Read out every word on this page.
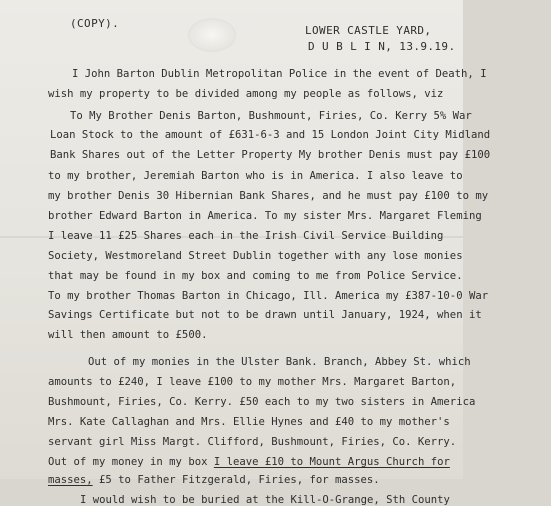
(COPY).
LOWER CASTLE YARD,
D U B L I N, 13.9.19.
I John Barton Dublin Metropolitan Police in the event of Death, I
wish my property to be divided among my people as follows, viz
To My Brother Denis Barton, Bushmount, Firies, Co. Kerry 5% War
Loan Stock to the amount of £631-6-3 and 15 London Joint City Midland
Bank Shares out of the Letter Property My brother Denis must pay £100
to my brother, Jeremiah Barton who is in America. I also leave to
my brother Denis 30 Hibernian Bank Shares, and he must pay £100 to my
brother Edward Barton in America. To my sister Mrs. Margaret Fleming
I leave 11 £25 Shares each in the Irish Civil Service Building
Society, Westmoreland Street Dublin together with any lose monies
that may be found in my box and coming to me from Police Service.
To my brother Thomas Barton in Chicago, Ill. America my £387-10-0 War
Savings Certificate but not to be drawn until January, 1924, when it
will then amount to £500.
Out of my monies in the Ulster Bank. Branch, Abbey St. which
amounts to £240, I leave £100 to my mother Mrs. Margaret Barton,
Bushmount, Firies, Co. Kerry. £50 each to my two sisters in America
Mrs. Kate Callaghan and Mrs. Ellie Hynes and £40 to my mother's
servant girl Miss Margt. Clifford, Bushmount, Firies, Co. Kerry.
Out of my money in my box I leave £10 to Mount Argus Church for
masses, £5 to Father Fitzgerald, Firies, for masses.
I would wish to be buried at the Kill-O-Grange, Sth County
